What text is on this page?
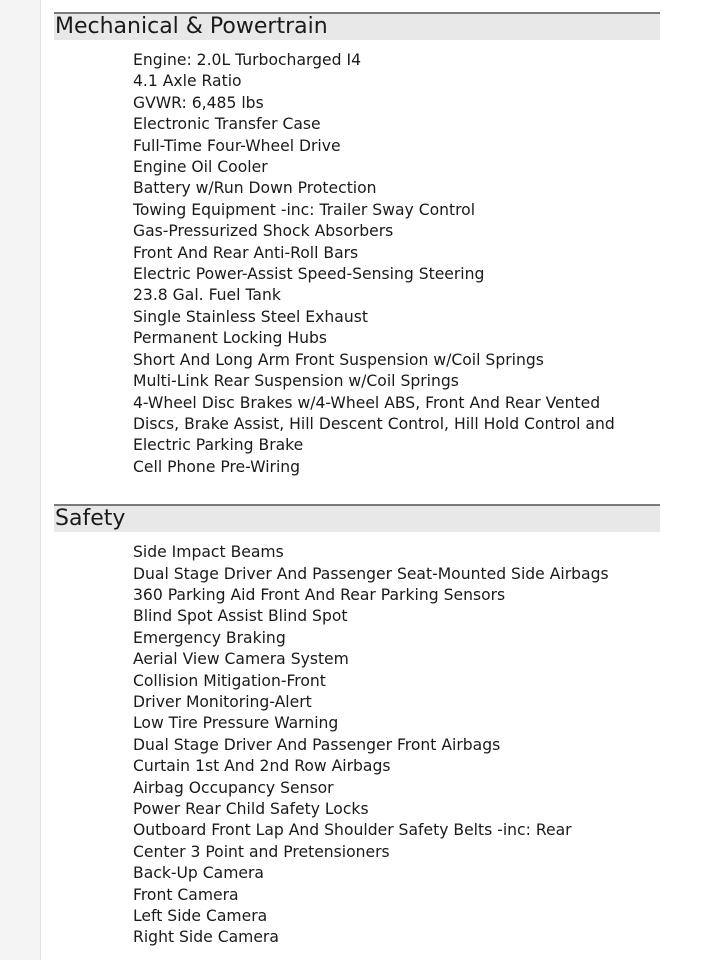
Mechanical & Powertrain
Engine: 2.0L Turbocharged I4
4.1 Axle Ratio
GVWR: 6,485 lbs
Electronic Transfer Case
Full-Time Four-Wheel Drive
Engine Oil Cooler
Battery w/Run Down Protection
Towing Equipment -inc: Trailer Sway Control
Gas-Pressurized Shock Absorbers
Front And Rear Anti-Roll Bars
Electric Power-Assist Speed-Sensing Steering
23.8 Gal. Fuel Tank
Single Stainless Steel Exhaust
Permanent Locking Hubs
Short And Long Arm Front Suspension w/Coil Springs
Multi-Link Rear Suspension w/Coil Springs
4-Wheel Disc Brakes w/4-Wheel ABS, Front And Rear Vented
Discs, Brake Assist, Hill Descent Control, Hill Hold Control and
Electric Parking Brake
Cell Phone Pre-Wiring
Safety
Side Impact Beams
Dual Stage Driver And Passenger Seat-Mounted Side Airbags
360 Parking Aid Front And Rear Parking Sensors
Blind Spot Assist Blind Spot
Emergency Braking
Aerial View Camera System
Collision Mitigation-Front
Driver Monitoring-Alert
Low Tire Pressure Warning
Dual Stage Driver And Passenger Front Airbags
Curtain 1st And 2nd Row Airbags
Airbag Occupancy Sensor
Power Rear Child Safety Locks
Outboard Front Lap And Shoulder Safety Belts -inc: Rear
Center 3 Point and Pretensioners
Back-Up Camera
Front Camera
Left Side Camera
Right Side Camera
